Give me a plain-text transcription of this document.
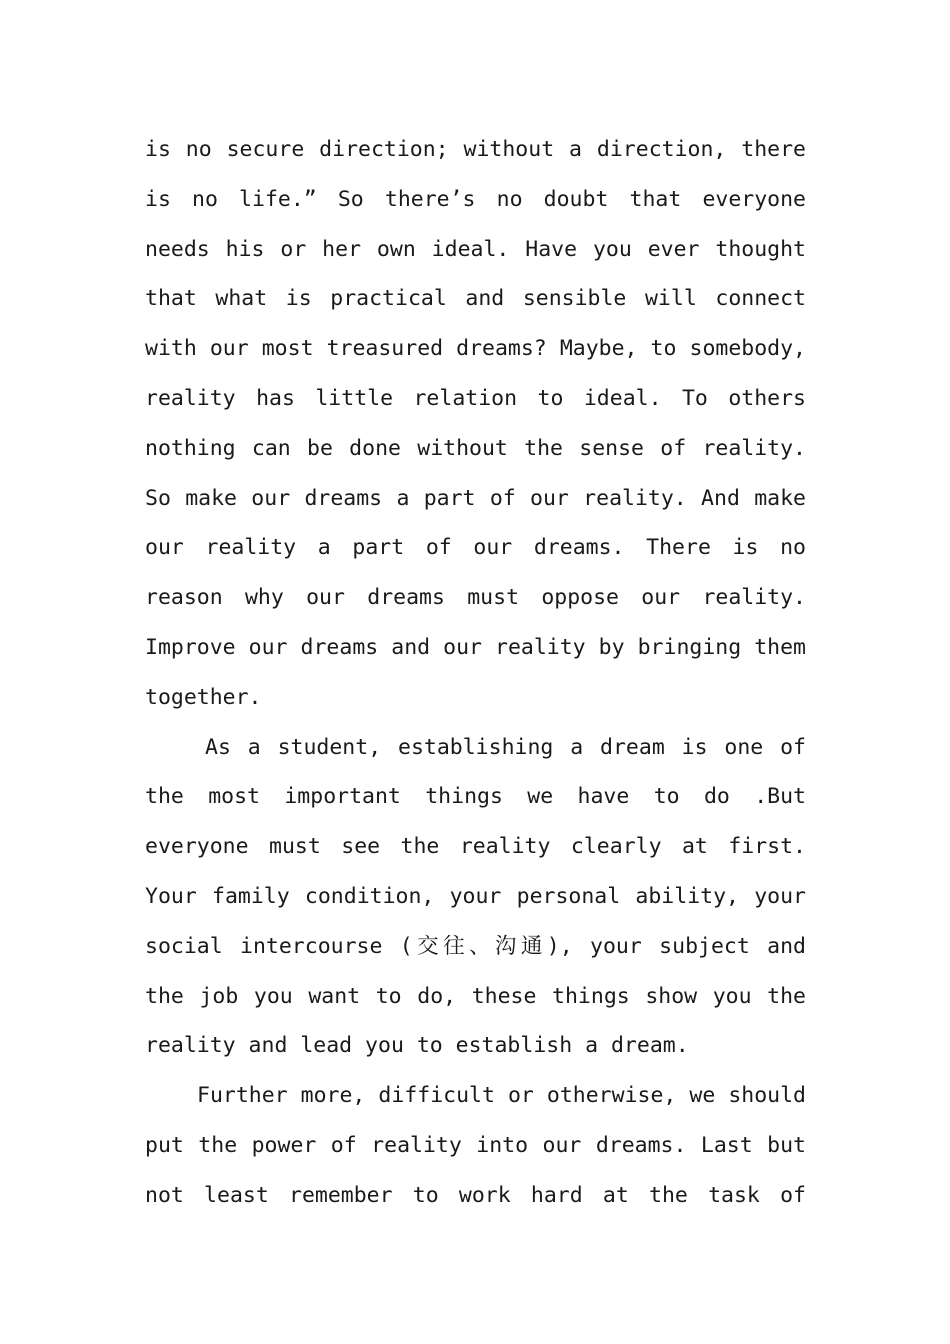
is no secure direction; without a direction, there
is no life.” So there’s no doubt that everyone
needs his or her own ideal. Have you ever thought
that what is practical and sensible will connect
with our most treasured dreams? Maybe, to somebody,
reality has little relation to ideal. To others
nothing can be done without the sense of reality.
So make our dreams a part of our reality. And make
our reality a part of our dreams. There is no
reason why our dreams must oppose our reality.
Improve our dreams and our reality by bringing them
together.
As a student, establishing a dream is one of
the most important things we have to do .But
everyone must see the reality clearly at first.
Your family condition, your personal ability, your
social intercourse (交往、沟通), your subject and
the job you want to do, these things show you the
reality and lead you to establish a dream.
Further more, difficult or otherwise, we should
put the power of reality into our dreams. Last but
not least remember to work hard at the task of
